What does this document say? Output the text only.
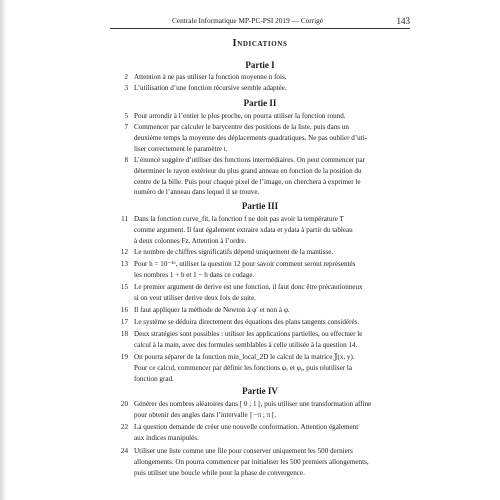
Centrale Informatique MP-PC-PSI 2019 — Corrigé	143
Indications
Partie I
2 Attention à ne pas utiliser la fonction moyenne n fois.
3 L’utilisation d’une fonction récursive semble adaptée.
Partie II
5 Pour arrondir à l’entier le plus proche, on pourra utiliser la fonction round.
7 Commencer par calculer le barycentre des positions de la liste, puis dans un
deuxième temps la moyenne des déplacements quadratiques. Ne pas oublier d’uti-
liser correctement le paramètre t.
8 L’énoncé suggère d’utiliser des fonctions intermédiaires. On peut commencer par
déterminer le rayon extérieur du plus grand anneau en fonction de la position du
centre de la bille. Puis pour chaque pixel de l’image, on cherchera à exprimer le
numéro de l’anneau dans lequel il se trouve.
Partie III
11 Dans la fonction curve_fit, la fonction f ne doit pas avoir la température T
comme argument. Il faut également extraire xdata et ydata à partir du tableau
à deux colonnes Fz. Attention à l’ordre.
12 Le nombre de chiffres significatifs dépend uniquement de la mantisse.
13 Pour h = 10⁻¹⁶, utiliser la question 12 pour savoir comment seront représentés
les nombres 1 + h et 1 − h dans ce codage.
15 Le premier argument de derive est une fonction, il faut donc être précautionneux
si on veut utiliser derive deux fois de suite.
16 Il faut appliquer la méthode de Newton à φ′ et non à φ.
17 Le système se déduira directement des équations des plans tangents considérés.
18 Deux stratégies sont possibles : utiliser les applications partielles, ou effectuer le
calcul à la main, avec des formules semblables à celle utilisée à la question 14.
19 On pourra séparer de la fonction min_local_2D le calcul de la matrice 𝕁(x, y).
Pour ce calcul, commencer par définir les fonctions φₓ et φᵧ, puis réutiliser la
fonction grad.
Partie IV
20 Générer des nombres aléatoires dans [ 0 ; 1 [, puis utiliser une transformation affine
pour obtenir des angles dans l’intervalle ] −π ; π [.
22 La question demande de créer une nouvelle conformation. Attention également
aux indices manipulés.
24 Utiliser une liste comme une file pour conserver uniquement les 500 derniers
allongements. On pourra commencer par initialiser les 500 premiers allongements,
puis utiliser une boucle while pour la phase de convergence.
